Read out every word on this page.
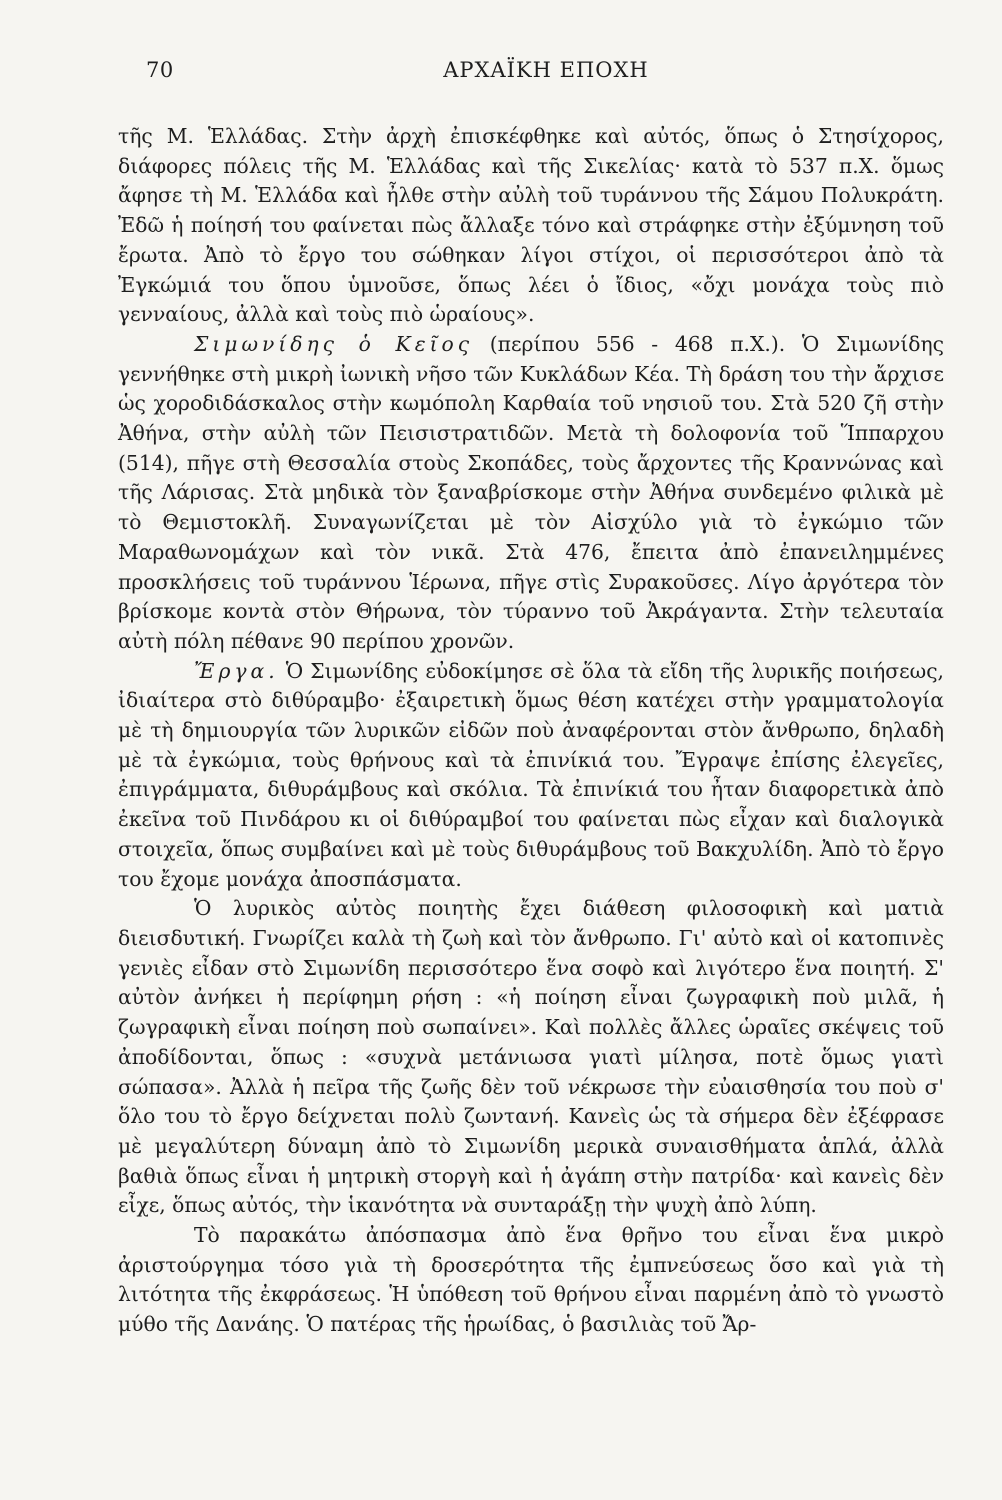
70	ΑΡΧΑΪΚΗ ΕΠΟΧΗ

τῆς Μ. Ἑλλάδας. Στὴν ἀρχὴ ἐπισκέφθηκε καὶ αὐτός, ὅπως ὁ Στησίχορος, διάφορες πόλεις τῆς Μ. Ἑλλάδας καὶ τῆς Σικελίας· κατὰ τὸ 537 π.Χ. ὅμως ἄφησε τὴ Μ. Ἑλλάδα καὶ ἦλθε στὴν αὐλὴ τοῦ τυράννου τῆς Σάμου Πολυκράτη. Ἐδῶ ἡ ποίησή του φαίνεται πὼς ἄλλαξε τόνο καὶ στράφηκε στὴν ἐξύμνηση τοῦ ἔρωτα. Ἀπὸ τὸ ἔργο του σώθηκαν λίγοι στίχοι, οἱ περισσότεροι ἀπὸ τὰ Ἐγκώμιά του ὅπου ὑμνοῦσε, ὅπως λέει ὁ ἴδιος, «ὄχι μονάχα τοὺς πιὸ γενναίους, ἀλλὰ καὶ τοὺς πιὸ ὡραίους».

Σιμωνίδης ὁ Κεῖος (περίπου 556 - 468 π.Χ.). Ὁ Σιμωνίδης γεννήθηκε στὴ μικρὴ ἰωνικὴ νῆσο τῶν Κυκλάδων Κέα. Τὴ δράση του τὴν ἄρχισε ὡς χοροδιδάσκαλος στὴν κωμόπολη Καρθαία τοῦ νησιοῦ του. Στὰ 520 ζῆ στὴν Ἀθήνα, στὴν αὐλὴ τῶν Πεισιστρατιδῶν. Μετὰ τὴ δολοφονία τοῦ Ἵππαρχου (514), πῆγε στὴ Θεσσαλία στοὺς Σκοπάδες, τοὺς ἄρχοντες τῆς Κραννώνας καὶ τῆς Λάρισας. Στὰ μηδικὰ τὸν ξαναβρίσκομε στὴν Ἀθήνα συνδεμένο φιλικὰ μὲ τὸ Θεμιστοκλῆ. Συναγωνίζεται μὲ τὸν Αἰσχύλο γιὰ τὸ ἐγκώμιο τῶν Μαραθωνομάχων καὶ τὸν νικᾶ. Στὰ 476, ἔπειτα ἀπὸ ἐπανειλημμένες προσκλήσεις τοῦ τυράννου Ἱέρωνα, πῆγε στὶς Συρακοῦσες. Λίγο ἀργότερα τὸν βρίσκομε κοντὰ στὸν Θήρωνα, τὸν τύραννο τοῦ Ἀκράγαντα. Στὴν τελευταία αὐτὴ πόλη πέθανε 90 περίπου χρονῶν.

Ἔργα. Ὁ Σιμωνίδης εὐδοκίμησε σὲ ὅλα τὰ εἴδη τῆς λυρικῆς ποιήσεως, ἰδιαίτερα στὸ διθύραμβο· ἐξαιρετικὴ ὅμως θέση κατέχει στὴν γραμματολογία μὲ τὴ δημιουργία τῶν λυρικῶν εἰδῶν ποὺ ἀναφέρονται στὸν ἄνθρωπο, δηλαδὴ μὲ τὰ ἐγκώμια, τοὺς θρήνους καὶ τὰ ἐπινίκιά του. Ἔγραψε ἐπίσης ἐλεγεῖες, ἐπιγράμματα, διθυράμβους καὶ σκόλια. Τὰ ἐπινίκιά του ἦταν διαφορετικὰ ἀπὸ ἐκεῖνα τοῦ Πινδάρου κι οἱ διθύραμβοί του φαίνεται πὼς εἶχαν καὶ διαλογικὰ στοιχεῖα, ὅπως συμβαίνει καὶ μὲ τοὺς διθυράμβους τοῦ Βακχυλίδη. Ἀπὸ τὸ ἔργο του ἔχομε μονάχα ἀποσπάσματα.

Ὁ λυρικὸς αὐτὸς ποιητὴς ἔχει διάθεση φιλοσοφικὴ καὶ ματιὰ διεισδυτική. Γνωρίζει καλὰ τὴ ζωὴ καὶ τὸν ἄνθρωπο. Γι' αὐτὸ καὶ οἱ κατοπινὲς γενιὲς εἶδαν στὸ Σιμωνίδη περισσότερο ἕνα σοφὸ καὶ λιγότερο ἕνα ποιητή. Σ' αὐτὸν ἀνήκει ἡ περίφημη ρήση : «ἡ ποίηση εἶναι ζωγραφικὴ ποὺ μιλᾶ, ἡ ζωγραφικὴ εἶναι ποίηση ποὺ σωπαίνει». Καὶ πολλὲς ἄλλες ὡραῖες σκέψεις τοῦ ἀποδίδονται, ὅπως : «συχνὰ μετάνιωσα γιατὶ μίλησα, ποτὲ ὅμως γιατὶ σώπασα». Ἀλλὰ ἡ πεῖρα τῆς ζωῆς δὲν τοῦ νέκρωσε τὴν εὐαισθησία του ποὺ σ' ὅλο του τὸ ἔργο δείχνεται πολὺ ζωντανή. Κανεὶς ὡς τὰ σήμερα δὲν ἐξέφρασε μὲ μεγαλύτερη δύναμη ἀπὸ τὸ Σιμωνίδη μερικὰ συναισθήματα ἁπλά, ἀλλὰ βαθιὰ ὅπως εἶναι ἡ μητρικὴ στοργὴ καὶ ἡ ἀγάπη στὴν πατρίδα· καὶ κανεὶς δὲν εἶχε, ὅπως αὐτός, τὴν ἱκανότητα νὰ συνταράξῃ τὴν ψυχὴ ἀπὸ λύπη.

Τὸ παρακάτω ἀπόσπασμα ἀπὸ ἕνα θρῆνο του εἶναι ἕνα μικρὸ ἀριστούργημα τόσο γιὰ τὴ δροσερότητα τῆς ἐμπνεύσεως ὅσο καὶ γιὰ τὴ λιτότητα τῆς ἐκφράσεως. Ἡ ὑπόθεση τοῦ θρήνου εἶναι παρμένη ἀπὸ τὸ γνωστὸ μύθο τῆς Δανάης. Ὁ πατέρας τῆς ἡρωίδας, ὁ βασιλιὰς τοῦ Ἄρ-
